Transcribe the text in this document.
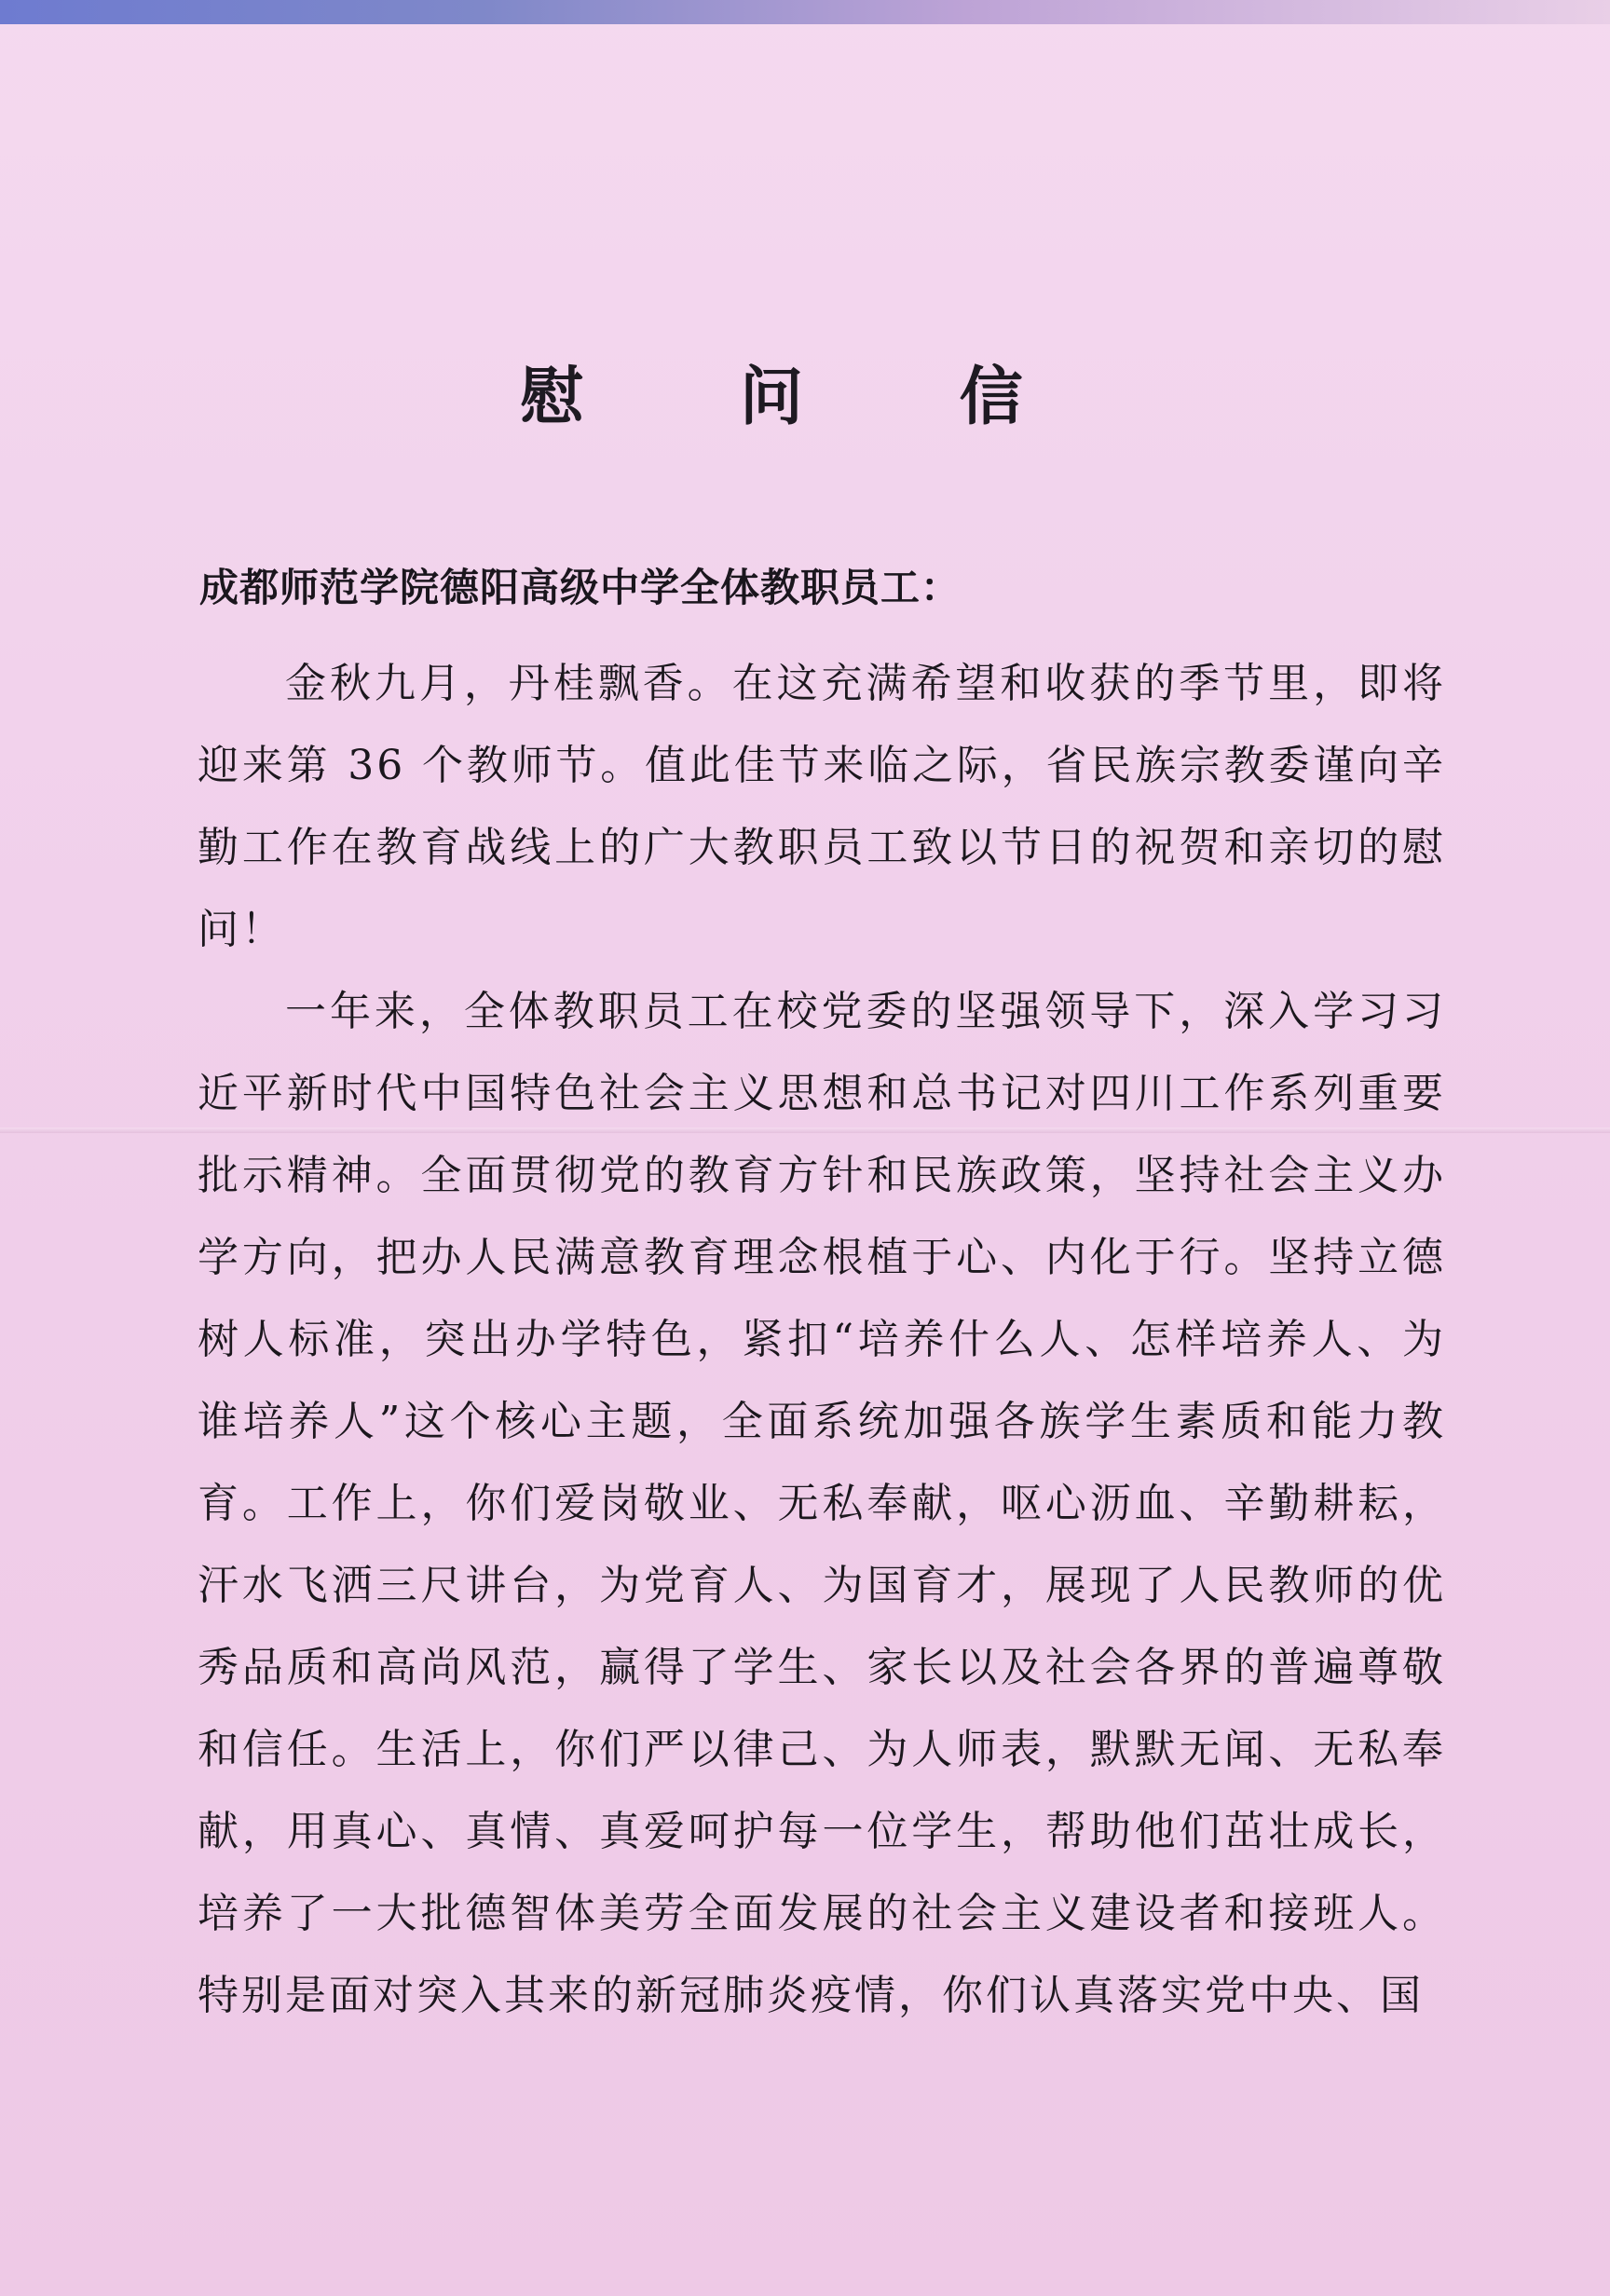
慰 问 信
成都师范学院德阳高级中学全体教职员工：

金秋九月，丹桂飘香。在这充满希望和收获的季节里，即将迎来第 36 个教师节。值此佳节来临之际，省民族宗教委谨向辛勤工作在教育战线上的广大教职员工致以节日的祝贺和亲切的慰问！

一年来，全体教职员工在校党委的坚强领导下，深入学习习近平新时代中国特色社会主义思想和总书记对四川工作系列重要批示精神。全面贯彻党的教育方针和民族政策，坚持社会主义办学方向，把办人民满意教育理念根植于心、内化于行。坚持立德树人标准，突出办学特色，紧扣“培养什么人、怎样培养人、为谁培养人”这个核心主题，全面系统加强各族学生素质和能力教育。工作上，你们爱岗敬业、无私奉献，呕心沥血、辛勤耕耘，汗水飞洒三尺讲台，为党育人、为国育才，展现了人民教师的优秀品质和高尚风范，赢得了学生、家长以及社会各界的普遍尊敬和信任。生活上，你们严以律己、为人师表，默默无闻、无私奉献，用真心、真情、真爱呵护每一位学生，帮助他们茁壮成长，培养了一大批德智体美劳全面发展的社会主义建设者和接班人。特别是面对突入其来的新冠肺炎疫情，你们认真落实党中央、国
